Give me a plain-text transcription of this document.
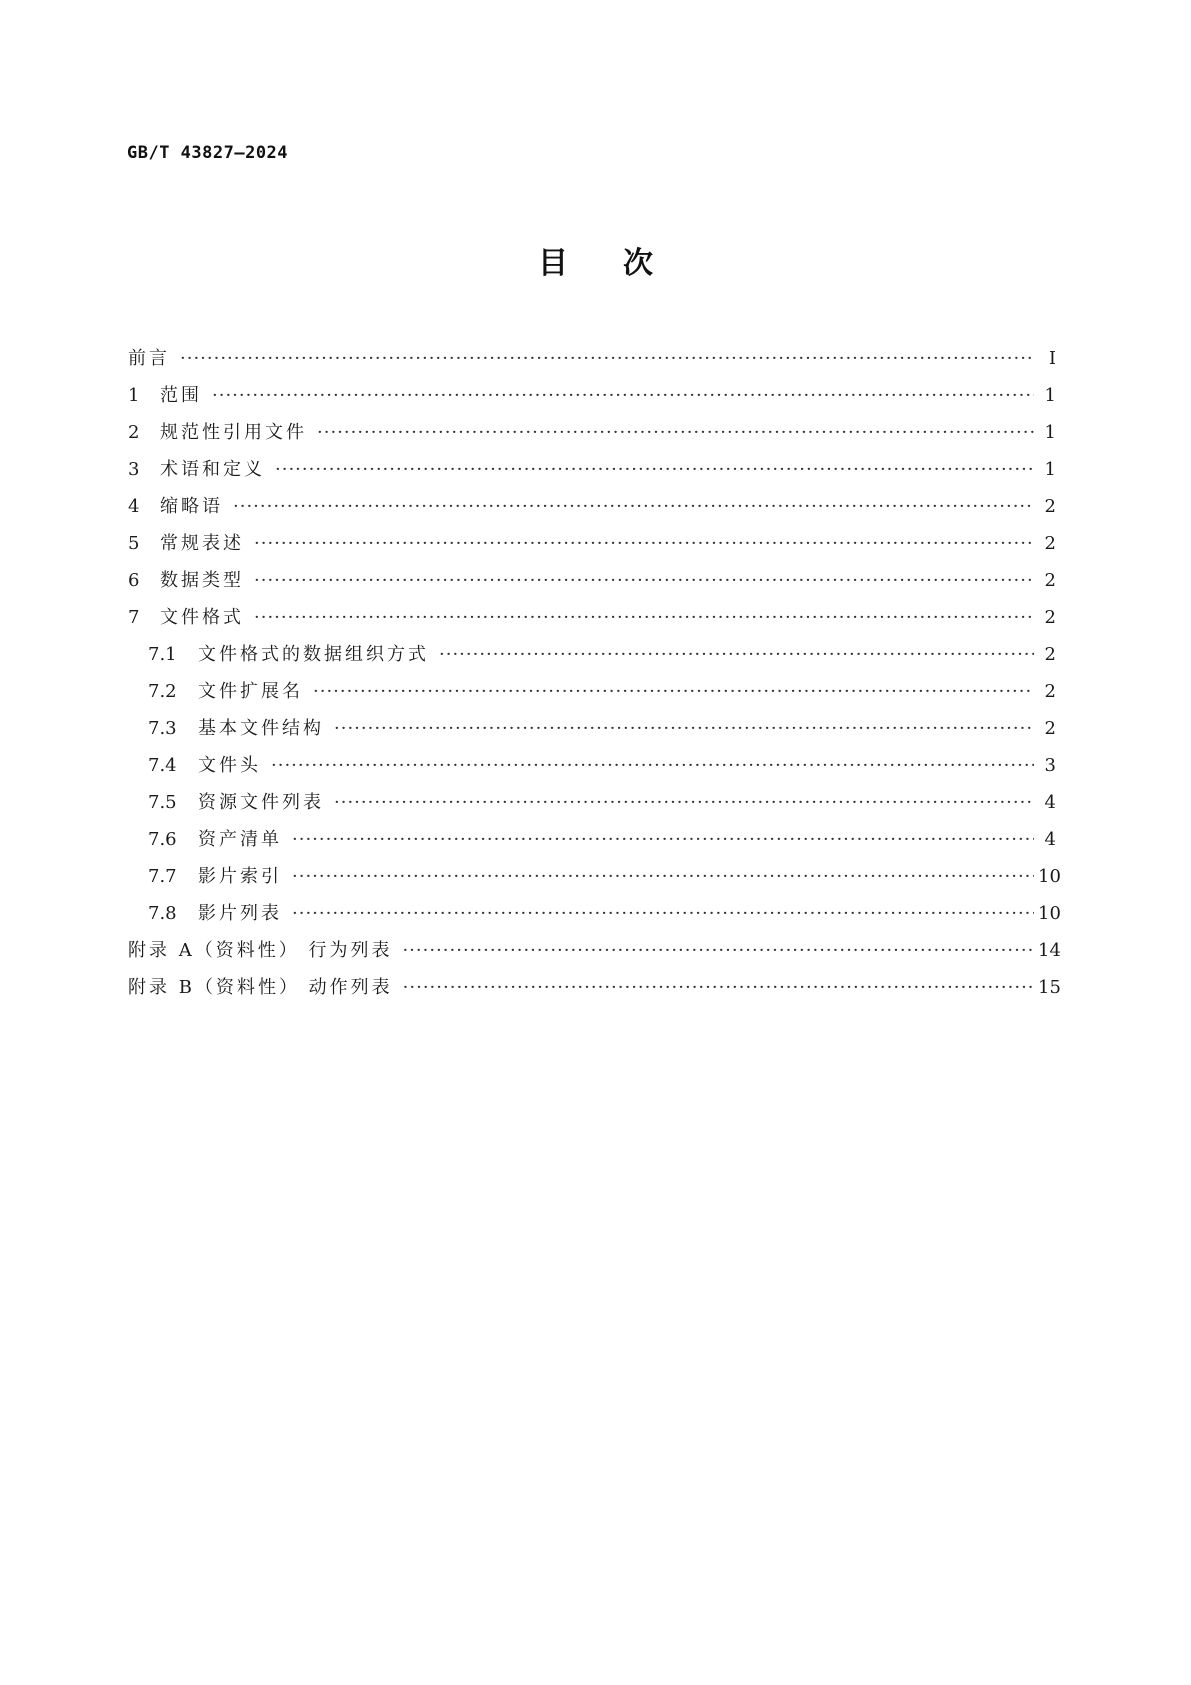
GB/T 43827—2024
目次
前言 ·····	Ⅰ
1	范围 ·····	1
2	规范性引用文件 ·····	1
3	术语和定义 ·····	1
4	缩略语 ·····	2
5	常规表述 ·····	2
6	数据类型 ·····	2
7	文件格式 ·····	2
7.1	文件格式的数据组织方式 ·····	2
7.2	文件扩展名 ·····	2
7.3	基本文件结构 ·····	2
7.4	文件头 ·····	3
7.5	资源文件列表 ·····	4
7.6	资产清单 ·····	4
7.7	影片索引 ·····	10
7.8	影片列表 ·····	10
附录 A（资料性） 行为列表 ·····	14
附录 B（资料性） 动作列表 ·····	15
